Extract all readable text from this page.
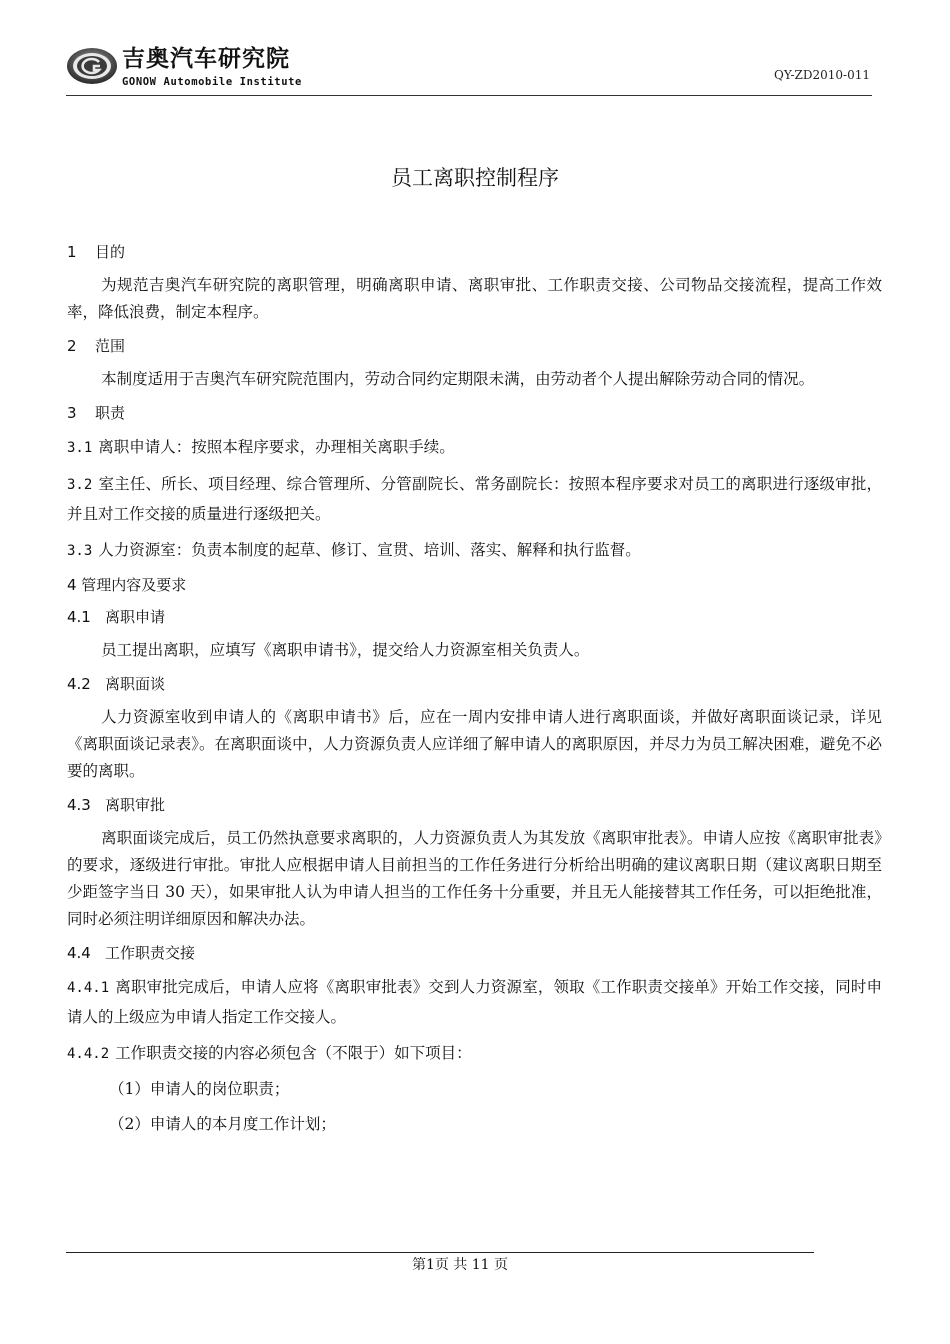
吉奥汽车研究院
GONOW Automobile Institute	QY-ZD2010-011
员工离职控制程序
1 目的

为规范吉奥汽车研究院的离职管理，明确离职申请、离职审批、工作职责交接、公司物品交接流程，提高工作效率，降低浪费，制定本程序。

2 范围

本制度适用于吉奥汽车研究院范围内，劳动合同约定期限未满，由劳动者个人提出解除劳动合同的情况。

3 职责

3.1 离职申请人：按照本程序要求，办理相关离职手续。

3.2 室主任、所长、项目经理、综合管理所、分管副院长、常务副院长：按照本程序要求对员工的离职进行逐级审批，并且对工作交接的质量进行逐级把关。

3.3 人力资源室：负责本制度的起草、修订、宣贯、培训、落实、解释和执行监督。

4 管理内容及要求
4.1 离职申请

员工提出离职，应填写《离职申请书》，提交给人力资源室相关负责人。

4.2 离职面谈

人力资源室收到申请人的《离职申请书》后，应在一周内安排申请人进行离职面谈，并做好离职面谈记录，详见《离职面谈记录表》。在离职面谈中，人力资源负责人应详细了解申请人的离职原因，并尽力为员工解决困难，避免不必要的离职。

4.3 离职审批

离职面谈完成后，员工仍然执意要求离职的，人力资源负责人为其发放《离职审批表》。申请人应按《离职审批表》的要求，逐级进行审批。审批人应根据申请人目前担当的工作任务进行分析给出明确的建议离职日期（建议离职日期至少距签字当日 30 天），如果审批人认为申请人担当的工作任务十分重要，并且无人能接替其工作任务，可以拒绝批准，同时必须注明详细原因和解决办法。

4.4 工作职责交接

4.4.1 离职审批完成后，申请人应将《离职审批表》交到人力资源室，领取《工作职责交接单》开始工作交接，同时申请人的上级应为申请人指定工作交接人。

4.4.2 工作职责交接的内容必须包含（不限于）如下项目：

（1）申请人的岗位职责；

（2）申请人的本月度工作计划；

第1页 共 11 页
